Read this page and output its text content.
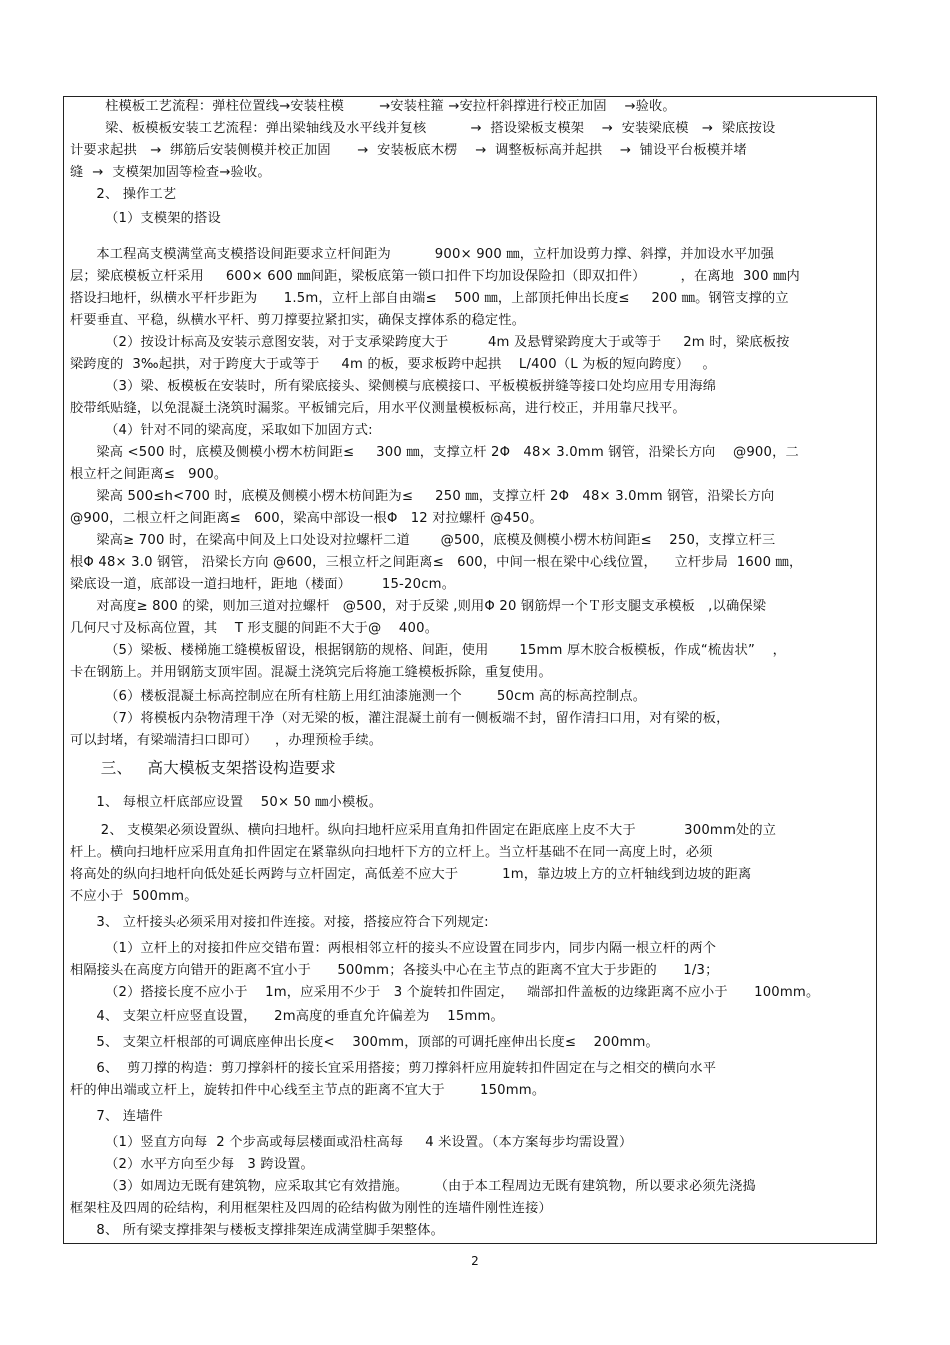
柱模板工艺流程：弹柱位置线→安装柱模        →安装柱箍 →安拉杆斜撑进行校正加固    →验收。
梁、板模板安装工艺流程：弹出梁轴线及水平线并复核          →  搭设梁板支模架    →  安装梁底模   →  梁底按设
计要求起拱   →  绑筋后安装侧模并校正加固      →  安装板底木楞    →  调整板标高并起拱    →  铺设平台板模并堵
缝  →  支模架加固等检查→验收。
2、 操作工艺
（1）支模架的搭设
本工程高支模满堂高支模搭设间距要求立杆间距为          900× 900 ㎜，立杆加设剪力撑、斜撑，并加设水平加强
层；梁底模板立杆采用     600× 600 ㎜间距，梁板底第一锁口扣件下均加设保险扣（即双扣件）        ，在离地  300 ㎜内
搭设扫地杆，纵横水平杆步距为      1.5m，立杆上部自由端≤    500 ㎜，上部顶托伸出长度≤     200 ㎜。钢管支撑的立
杆要垂直、平稳，纵横水平杆、剪刀撑要拉紧扣实，确保支撑体系的稳定性。
（2）按设计标高及安装示意图安装，对于支承梁跨度大于         4m 及悬臂梁跨度大于或等于     2m 时，梁底板按
梁跨度的  3‰起拱，对于跨度大于或等于     4m 的板，要求板跨中起拱    L/400（L 为板的短向跨度）   。
（3）梁、板模板在安装时，所有梁底接头、梁侧模与底模接口、平板模板拼缝等接口处均应用专用海绵
胶带纸贴缝，以免混凝土浇筑时漏浆。平板铺完后，用水平仪测量模板标高，进行校正，并用靠尺找平。
（4）针对不同的梁高度，采取如下加固方式:
梁高 <500 时，底模及侧模小楞木枋间距≤     300 ㎜，支撑立杆 2Φ   48× 3.0mm 钢管，沿梁长方向    @900，二
根立杆之间距离≤   900。
梁高 500≤h<700 时，底模及侧模小楞木枋间距为≤     250 ㎜，支撑立杆 2Φ   48× 3.0mm 钢管，沿梁长方向
@900，二根立杆之间距离≤   600，梁高中部设一根Φ   12 对拉螺杆 @450。
梁高≥ 700 时，在梁高中间及上口处设对拉螺杆二道       @500，底模及侧模小楞木枋间距≤    250，支撑立杆三
根Φ 48× 3.0 钢管， 沿梁长方向 @600，三根立杆之间距离≤   600，中间一根在梁中心线位置，    立杆步局  1600 ㎜，
梁底设一道，底部设一道扫地杆，距地（楼面）       15-20cm。
对高度≥ 800 的梁，则加三道对拉螺杆   @500，对于反梁 ,则用Φ 20 钢筋焊一个Ｔ形支腿支承模板   ,以确保梁
几何尺寸及标高位置，其    T 形支腿的间距不大于@    400。
（5）梁板、楼梯施工缝模板留设，根据钢筋的规格、间距，使用       15mm 厚木胶合板模板，作成“梳齿状”    ，
卡在钢筋上。并用钢筋支顶牢固。混凝土浇筑完后将施工缝模板拆除，重复使用。
（6）楼板混凝土标高控制应在所有柱筋上用红油漆施测一个        50cm 高的标高控制点。
（7）将模板内杂物清理干净（对无梁的板，灌注混凝土前有一侧板端不封，留作清扫口用，对有梁的板，
可以封堵，有梁端清扫口即可）    ，办理预检手续。
三、   高大模板支架搭设构造要求
1、 每根立杆底部应设置    50× 50 ㎜小模板。
2、 支模架必须设置纵、横向扫地杆。纵向扫地杆应采用直角扣件固定在距底座上皮不大于           300mm处的立
杆上。横向扫地杆应采用直角扣件固定在紧靠纵向扫地杆下方的立杆上。当立杆基础不在同一高度上时，必须
将高处的纵向扫地杆向低处延长两跨与立杆固定，高低差不应大于          1m，靠边坡上方的立杆轴线到边坡的距离
不应小于  500mm。
3、 立杆接头必须采用对接扣件连接。对接，搭接应符合下列规定:
（1）立杆上的对接扣件应交错布置：两根相邻立杆的接头不应设置在同步内，同步内隔一根立杆的两个
相隔接头在高度方向错开的距离不宜小于      500mm；各接头中心在主节点的距离不宜大于步距的      1/3；
（2）搭接长度不应小于    1m，应采用不少于   3 个旋转扣件固定，   端部扣件盖板的边缘距离不应小于      100mm。
4、 支架立杆应竖直设置，    2m高度的垂直允许偏差为    15mm。
5、 支架立杆根部的可调底座伸出长度<    300mm，顶部的可调托座伸出长度≤    200mm。
6、  剪刀撑的构造：剪刀撑斜杆的接长宜采用搭接；剪刀撑斜杆应用旋转扣件固定在与之相交的横向水平
杆的伸出端或立杆上，旋转扣件中心线至主节点的距离不宜大于        150mm。
7、 连墙件
（1）竖直方向每  2 个步高或每层楼面或沿柱高每     4 米设置。（本方案每步均需设置）
（2）水平方向至少每   3 跨设置。
（3）如周边无既有建筑物，应采取其它有效措施。      （由于本工程周边无既有建筑物，所以要求必须先浇捣
框架柱及四周的砼结构，利用框架柱及四周的砼结构做为刚性的连墙件刚性连接）
8、 所有梁支撑排架与楼板支撑排架连成满堂脚手架整体。
2
